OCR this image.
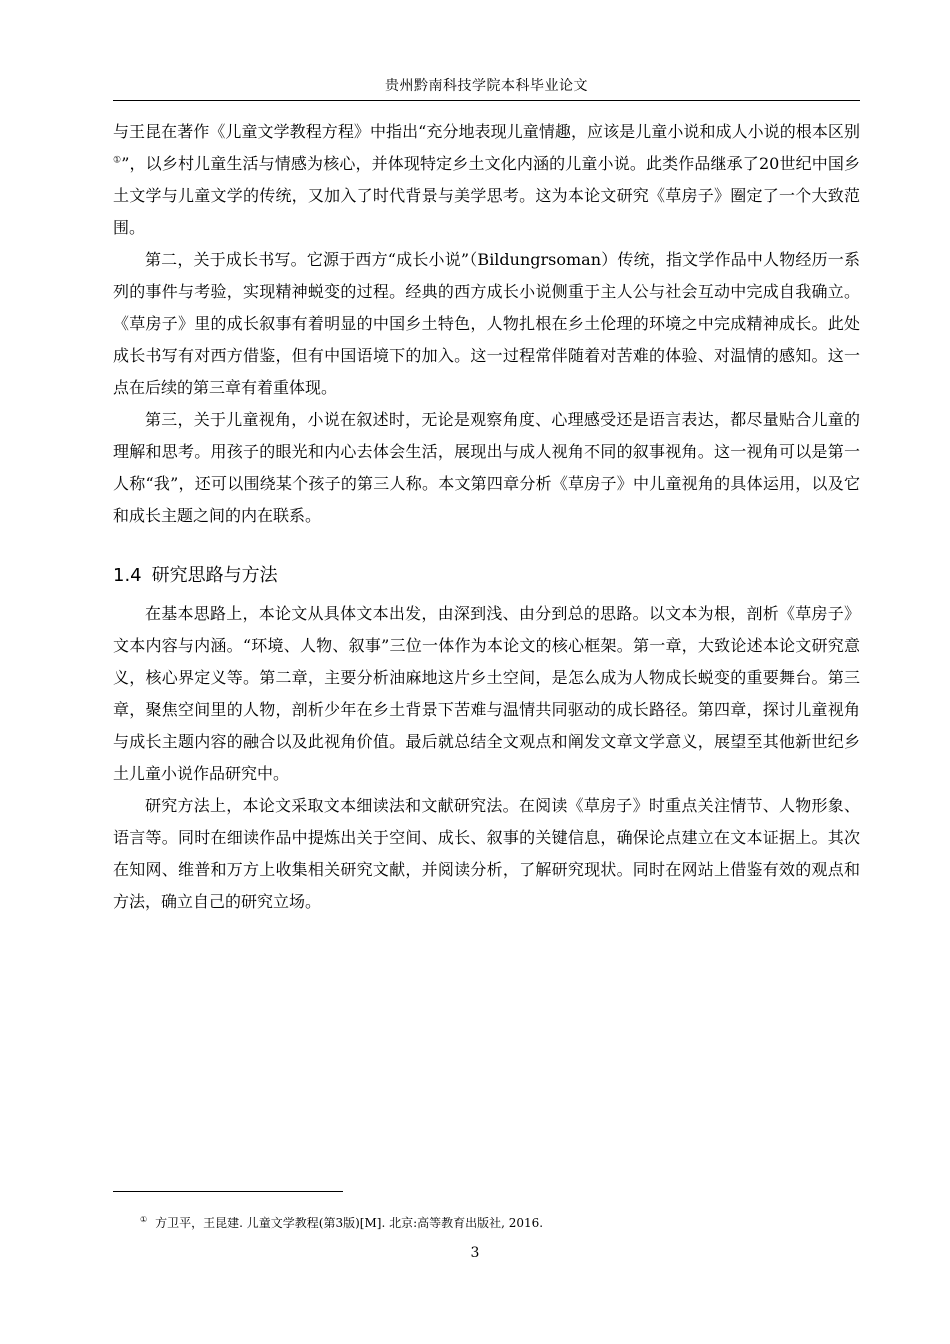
贵州黔南科技学院本科毕业论文

与王昆在著作《儿童文学教程方程》中指出“充分地表现儿童情趣，应该是儿童小说和成人小说的根本区别①”，以乡村儿童生活与情感为核心，并体现特定乡土文化内涵的儿童小说。此类作品继承了20世纪中国乡土文学与儿童文学的传统，又加入了时代背景与美学思考。这为本论文研究《草房子》圈定了一个大致范围。

第二，关于成长书写。它源于西方“成长小说”（Bildungrsoman）传统，指文学作品中人物经历一系列的事件与考验，实现精神蜕变的过程。经典的西方成长小说侧重于主人公与社会互动中完成自我确立。《草房子》里的成长叙事有着明显的中国乡土特色，人物扎根在乡土伦理的环境之中完成精神成长。此处成长书写有对西方借鉴，但有中国语境下的加入。这一过程常伴随着对苦难的体验、对温情的感知。这一点在后续的第三章有着重体现。

第三，关于儿童视角，小说在叙述时，无论是观察角度、心理感受还是语言表达，都尽量贴合儿童的理解和思考。用孩子的眼光和内心去体会生活，展现出与成人视角不同的叙事视角。这一视角可以是第一人称“我”，还可以围绕某个孩子的第三人称。本文第四章分析《草房子》中儿童视角的具体运用，以及它和成长主题之间的内在联系。

1.4 研究思路与方法

在基本思路上，本论文从具体文本出发，由深到浅、由分到总的思路。以文本为根，剖析《草房子》文本内容与内涵。“环境、人物、叙事”三位一体作为本论文的核心框架。第一章，大致论述本论文研究意义，核心界定义等。第二章，主要分析油麻地这片乡土空间，是怎么成为人物成长蜕变的重要舞台。第三章，聚焦空间里的人物，剖析少年在乡土背景下苦难与温情共同驱动的成长路径。第四章，探讨儿童视角与成长主题内容的融合以及此视角价值。最后就总结全文观点和阐发文章文学意义，展望至其他新世纪乡土儿童小说作品研究中。

研究方法上，本论文采取文本细读法和文献研究法。在阅读《草房子》时重点关注情节、人物形象、语言等。同时在细读作品中提炼出关于空间、成长、叙事的关键信息，确保论点建立在文本证据上。其次在知网、维普和万方上收集相关研究文献，并阅读分析，了解研究现状。同时在网站上借鉴有效的观点和方法，确立自己的研究立场。

① 方卫平，王昆建. 儿童文学教程(第3版)[M]. 北京:高等教育出版社, 2016.
3
